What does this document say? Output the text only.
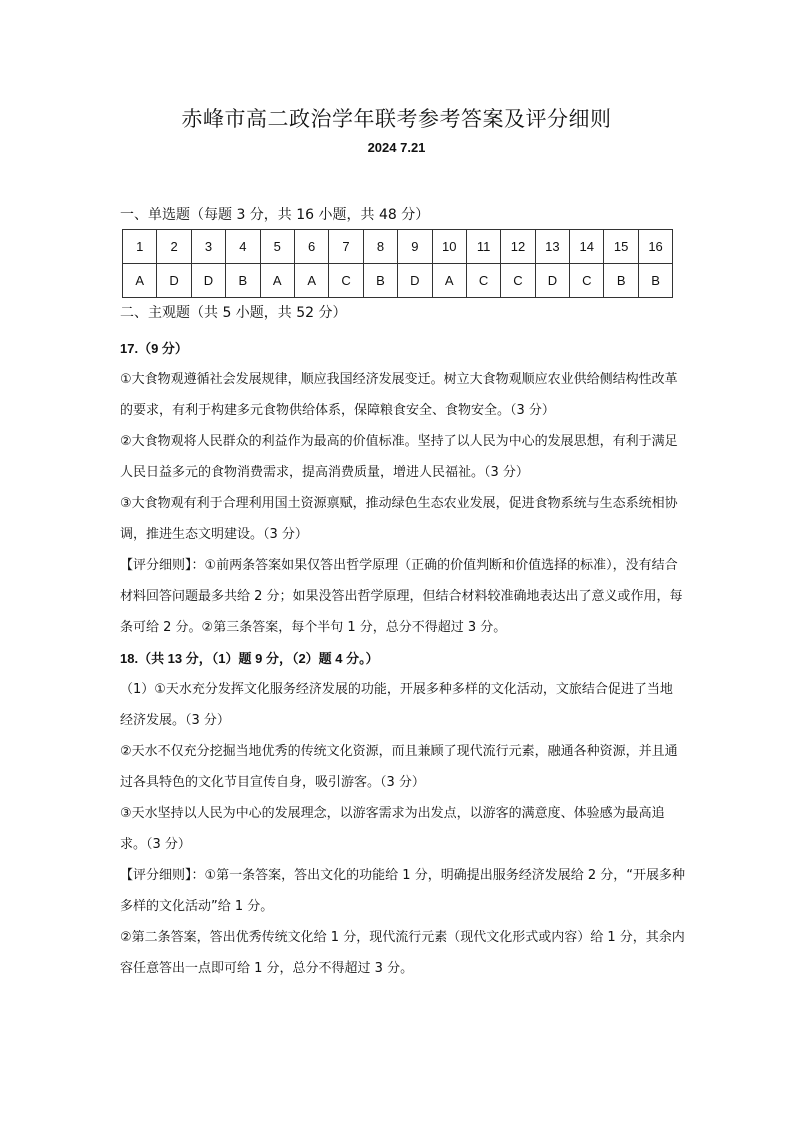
赤峰市高二政治学年联考参考答案及评分细则
2024 7.21
一、单选题（每题 3 分，共 16 小题，共 48 分）
1	2	3	4	5	6	7	8	9	10	11	12	13	14	15	16
A	D	D	B	A	A	C	B	D	A	C	C	D	C	B	B
二、主观题（共 5 小题，共 52 分）

17.（9 分）

①大食物观遵循社会发展规律，顺应我国经济发展变迁。树立大食物观顺应农业供给侧结构性改革的要求，有利于构建多元食物供给体系，保障粮食安全、食物安全。（3 分）

②大食物观将人民群众的利益作为最高的价值标准。坚持了以人民为中心的发展思想，有利于满足人民日益多元的食物消费需求，提高消费质量，增进人民福祉。（3 分）

③大食物观有利于合理利用国土资源禀赋，推动绿色生态农业发展，促进食物系统与生态系统相协调，推进生态文明建设。（3 分）

【评分细则】：①前两条答案如果仅答出哲学原理（正确的价值判断和价值选择的标准），没有结合材料回答问题最多共给 2 分；如果没答出哲学原理，但结合材料较准确地表达出了意义或作用，每条可给 2 分。②第三条答案，每个半句 1 分，总分不得超过 3 分。

18.（共 13 分，（1）题 9 分，（2）题 4 分。）

（1）①天水充分发挥文化服务经济发展的功能，开展多种多样的文化活动，文旅结合促进了当地经济发展。（3 分）

②天水不仅充分挖掘当地优秀的传统文化资源，而且兼顾了现代流行元素，融通各种资源，并且通过各具特色的文化节目宣传自身，吸引游客。（3 分）

③天水坚持以人民为中心的发展理念，以游客需求为出发点，以游客的满意度、体验感为最高追求。（3 分）

【评分细则】：①第一条答案，答出文化的功能给 1 分，明确提出服务经济发展给 2 分，“开展多种多样的文化活动”给 1 分。

②第二条答案，答出优秀传统文化给 1 分，现代流行元素（现代文化形式或内容）给 1 分，其余内容任意答出一点即可给 1 分，总分不得超过 3 分。
